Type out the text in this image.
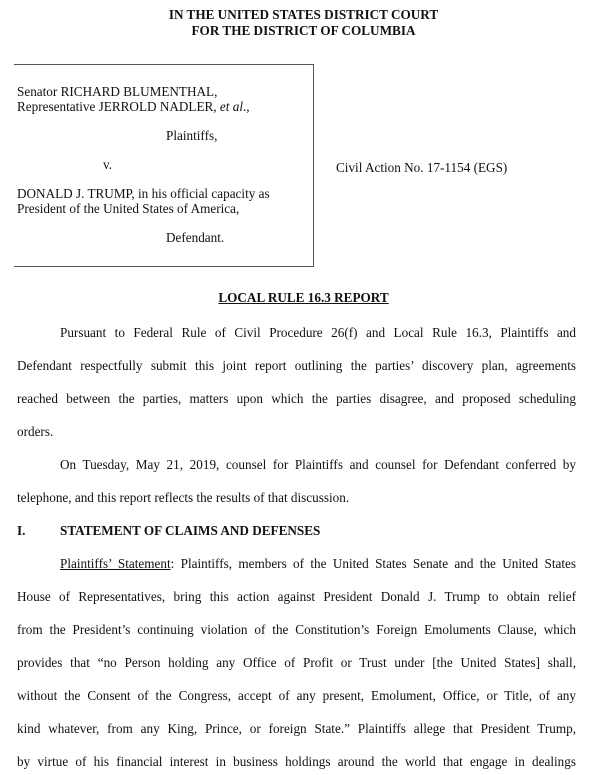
IN THE UNITED STATES DISTRICT COURT
FOR THE DISTRICT OF COLUMBIA
Senator RICHARD BLUMENTHAL,
Representative JERROLD NADLER, et al.,
Plaintiffs,
v.
DONALD J. TRUMP, in his official capacity as
President of the United States of America,
Defendant.
Civil Action No. 17-1154 (EGS)
LOCAL RULE 16.3 REPORT
Pursuant to Federal Rule of Civil Procedure 26(f) and Local Rule 16.3, Plaintiffs and
Defendant respectfully submit this joint report outlining the parties’ discovery plan, agreements
reached between the parties, matters upon which the parties disagree, and proposed scheduling
orders.
On Tuesday, May 21, 2019, counsel for Plaintiffs and counsel for Defendant conferred by
telephone, and this report reflects the results of that discussion.
I.	STATEMENT OF CLAIMS AND DEFENSES
Plaintiffs’ Statement: Plaintiffs, members of the United States Senate and the United States
House of Representatives, bring this action against President Donald J. Trump to obtain relief
from the President’s continuing violation of the Constitution’s Foreign Emoluments Clause, which
provides that “no Person holding any Office of Profit or Trust under [the United States] shall,
without the Consent of the Congress, accept of any present, Emolument, Office, or Title, of any
kind whatever, from any King, Prince, or foreign State.” Plaintiffs allege that President Trump,
by virtue of his financial interest in business holdings around the world that engage in dealings
